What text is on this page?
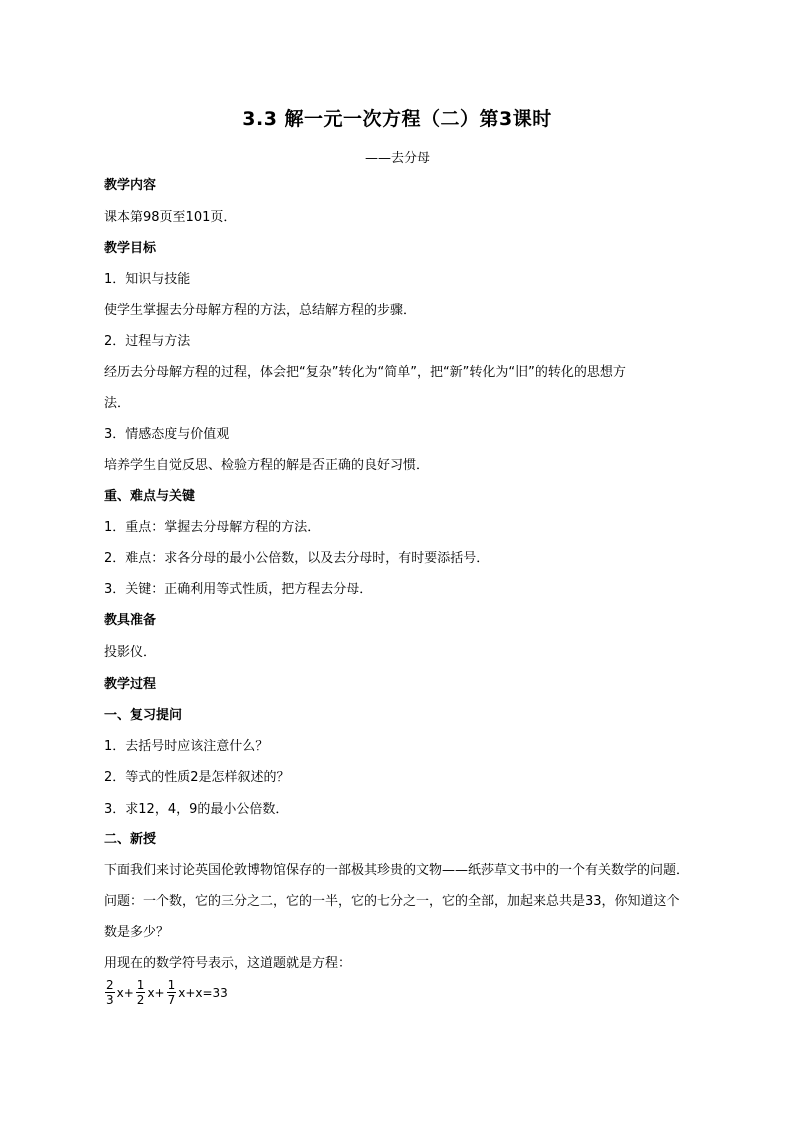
3.3 解一元一次方程（二）第3课时
——去分母
教学内容
课本第98页至101页．
教学目标
1．知识与技能
使学生掌握去分母解方程的方法，总结解方程的步骤．
2．过程与方法
经历去分母解方程的过程，体会把“复杂”转化为“简单”，把“新”转化为“旧”的转化的思想方
法．
3．情感态度与价值观
培养学生自觉反思、检验方程的解是否正确的良好习惯．
重、难点与关键
1．重点：掌握去分母解方程的方法．
2．难点：求各分母的最小公倍数，以及去分母时，有时要添括号．
3．关键：正确利用等式性质，把方程去分母．
教具准备
投影仪．
教学过程
一、复习提问
1．去括号时应该注意什么？
2．等式的性质2是怎样叙述的？
3．求12，4，9的最小公倍数．
二、新授
下面我们来讨论英国伦敦博物馆保存的一部极其珍贵的文物——纸莎草文书中的一个有关数学的问题．
问题：一个数，它的三分之二，它的一半，它的七分之一，它的全部，加起来总共是33，你知道这个
数是多少？
用现在的数学符号表示，这道题就是方程：
$\frac{2}{3} x+ \frac{1}{2} x+ \frac{1}{7} x+x=33$
